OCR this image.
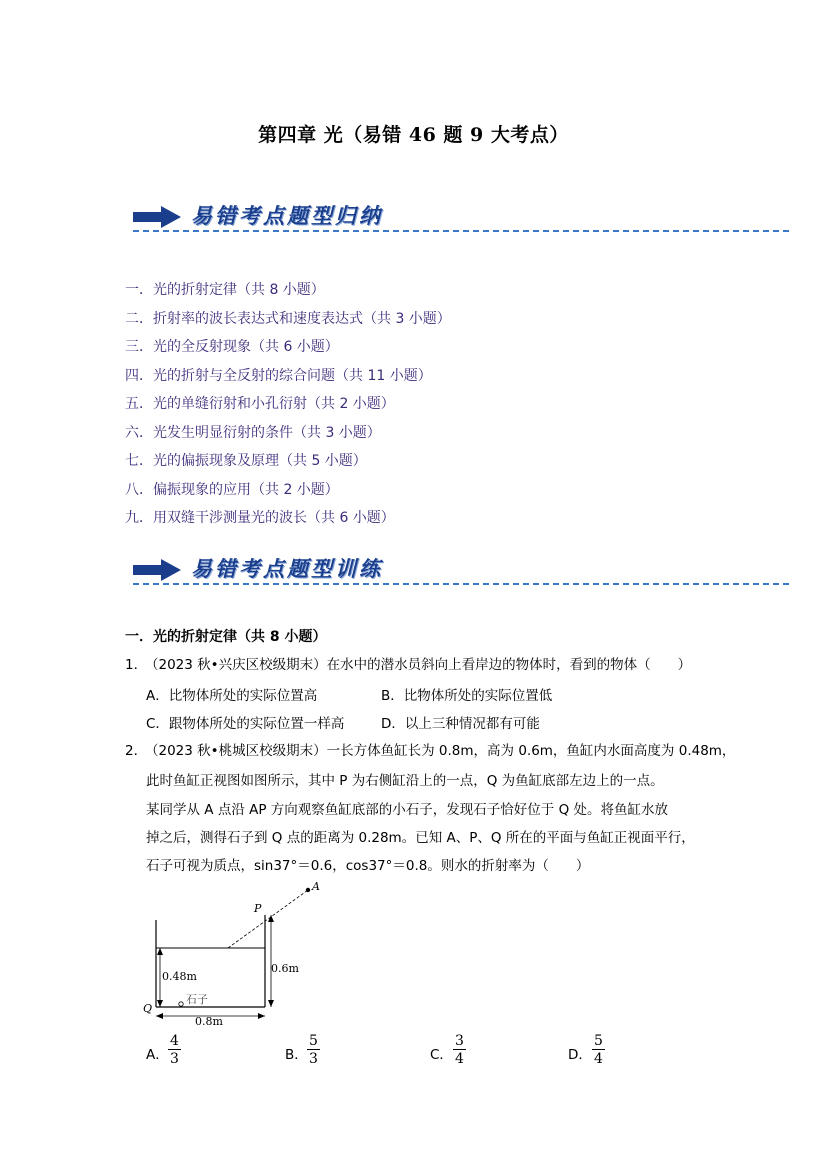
第四章 光（易错 46 题 9 大考点）
易错考点题型归纳
一．光的折射定律（共 8 小题）
二．折射率的波长表达式和速度表达式（共 3 小题）
三．光的全反射现象（共 6 小题）
四．光的折射与全反射的综合问题（共 11 小题）
五．光的单缝衍射和小孔衍射（共 2 小题）
六．光发生明显衍射的条件（共 3 小题）
七．光的偏振现象及原理（共 5 小题）
八．偏振现象的应用（共 2 小题）
九．用双缝干涉测量光的波长（共 6 小题）
易错考点题型训练
一．光的折射定律（共 8 小题）
1．（2023 秋•兴庆区校级期末）在水中的潜水员斜向上看岸边的物体时，看到的物体（　　）
A．比物体所处的实际位置高	B．比物体所处的实际位置低
C．跟物体所处的实际位置一样高	D．以上三种情况都有可能
2．（2023 秋•桃城区校级期末）一长方体鱼缸长为 0.8m，高为 0.6m，鱼缸内水面高度为 0.48m，
此时鱼缸正视图如图所示，其中 P 为右侧缸沿上的一点，Q 为鱼缸底部左边上的一点。
某同学从 A 点沿 AP 方向观察鱼缸底部的小石子，发现石子恰好位于 Q 处。将鱼缸水放
掉之后，测得石子到 Q 点的距离为 0.28m。已知 A、P、Q 所在的平面与鱼缸正视面平行，
石子可视为质点，sin37°＝0.6，cos37°＝0.8。则水的折射率为（　　）
A
P
Q
0.48m
0.6m
0.8m
石子
A． $\frac{4}{3}$	B． $\frac{5}{3}$	C． $\frac{3}{4}$	D． $\frac{5}{4}$
